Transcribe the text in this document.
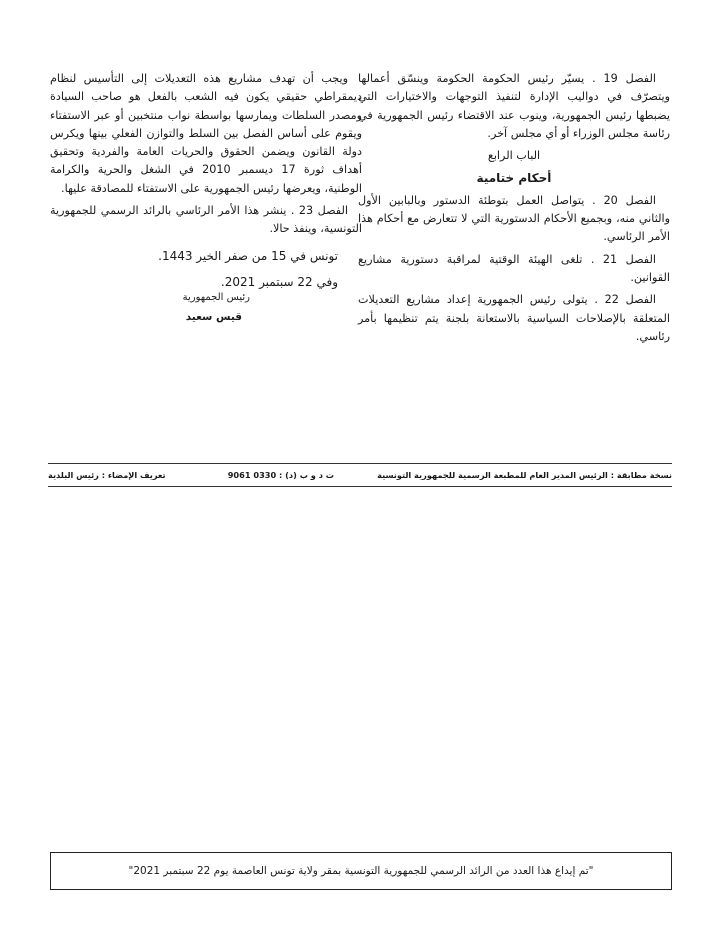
الفصل 19 . يسيّر رئيس الحكومة الحكومة وينسّق أعمالها ويتصرّف في دواليب الإدارة لتنفيذ التوجهات والاختيارات التي يضبطها رئيس الجمهورية، وينوب عند الاقتضاء رئيس الجمهورية في رئاسة مجلس الوزراء أو أي مجلس آخر.

الباب الرابع

أحكام ختامية

الفصل 20 . يتواصل العمل بتوطئة الدستور وبالبابين الأول والثاني منه، وبجميع الأحكام الدستورية التي لا تتعارض مع أحكام هذا الأمر الرئاسي.

الفصل 21 . تلغى الهيئة الوقتية لمراقبة دستورية مشاريع القوانين.

الفصل 22 . يتولى رئيس الجمهورية إعداد مشاريع التعديلات المتعلقة بالإصلاحات السياسية بالاستعانة بلجنة يتم تنظيمها بأمر رئاسي.

ويجب أن تهدف مشاريع هذه التعديلات إلى التأسيس لنظام ديمقراطي حقيقي يكون فيه الشعب بالفعل هو صاحب السيادة ومصدر السلطات ويمارسها بواسطة نواب منتخبين أو عبر الاستفتاء ويقوم على أساس الفصل بين السلط والتوازن الفعلي بينها ويكرس دولة القانون ويضمن الحقوق والحريات العامة والفردية وتحقيق أهداف ثورة 17 ديسمبر 2010 في الشغل والحرية والكرامة الوطنية، ويعرضها رئيس الجمهورية على الاستفتاء للمصادقة عليها.

الفصل 23 . ينشر هذا الأمر الرئاسي بالرائد الرسمي للجمهورية التونسية، وينفذ حالا.

تونس في 15 من صفر الخير 1443.

وفي 22 سبتمبر 2021.

رئيس الجمهورية

قيس سعيد

نسخة مطابقة : الرئيس المدير العام للمطبعة الرسمية للجمهورية التونسية
ت د و ب (د) : 0330 9061
تعريف الإمضاء : رئيس البلدية
"تم إيداع هذا العدد من الرائد الرسمي للجمهورية التونسية بمقر ولاية تونس العاصمة يوم 22 سبتمبر 2021"
